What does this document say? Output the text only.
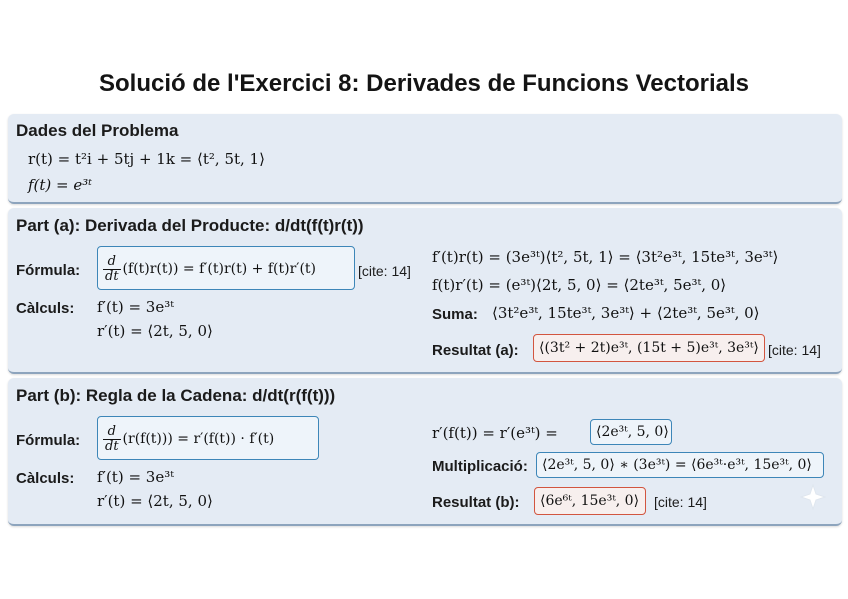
Solució de l'Exercici 8: Derivades de Funcions Vectorials
Dades del Problema
r(t) = t²i + 5tj + 1k = ⟨t², 5t, 1⟩
f(t) = e³ᵗ
Part (a): Derivada del Producte: d/dt(f(t)r(t))
Fórmula: $\frac{d}{dt} (f(t)r(t)) = f'(t)r(t) + f(t)r'(t)$	[cite: 14]
Càlculs: f′(t) = 3e³ᵗ
r′(t) = ⟨2t, 5, 0⟩
f′(t)r(t) = (3e³ᵗ)⟨t², 5t, 1⟩ = ⟨3t²e³ᵗ, 15te³ᵗ, 3e³ᵗ⟩
f(t)r′(t) = (e³ᵗ)⟨2t, 5, 0⟩ = ⟨2te³ᵗ, 5e³ᵗ, 0⟩
Suma: ⟨3t²e³ᵗ, 15te³ᵗ, 3e³ᵗ⟩ + ⟨2te³ᵗ, 5e³ᵗ, 0⟩
Resultat (a):	⟨(3t² + 2t)e³ᵗ, (15t + 5)e³ᵗ, 3e³ᵗ⟩ [cite: 14]
Part (b): Regla de la Cadena: d/dt(r(f(t)))
Fórmula: $\frac{d}{dt} (r(f(t))) = r'(f(t)) \cdot f'(t)$
Càlculs: f′(t) = 3e³ᵗ
r′(t) = ⟨2t, 5, 0⟩
r′(f(t)) = r′(e³ᵗ) =	⟨2e³ᵗ, 5, 0⟩
Multiplicació:	⟨2e³ᵗ, 5, 0⟩ ∗ (3e³ᵗ) = ⟨6e³ᵗ·e³ᵗ, 15e³ᵗ, 0⟩
Resultat (b):	⟨6e⁶ᵗ, 15e³ᵗ, 0⟩	[cite: 14]
